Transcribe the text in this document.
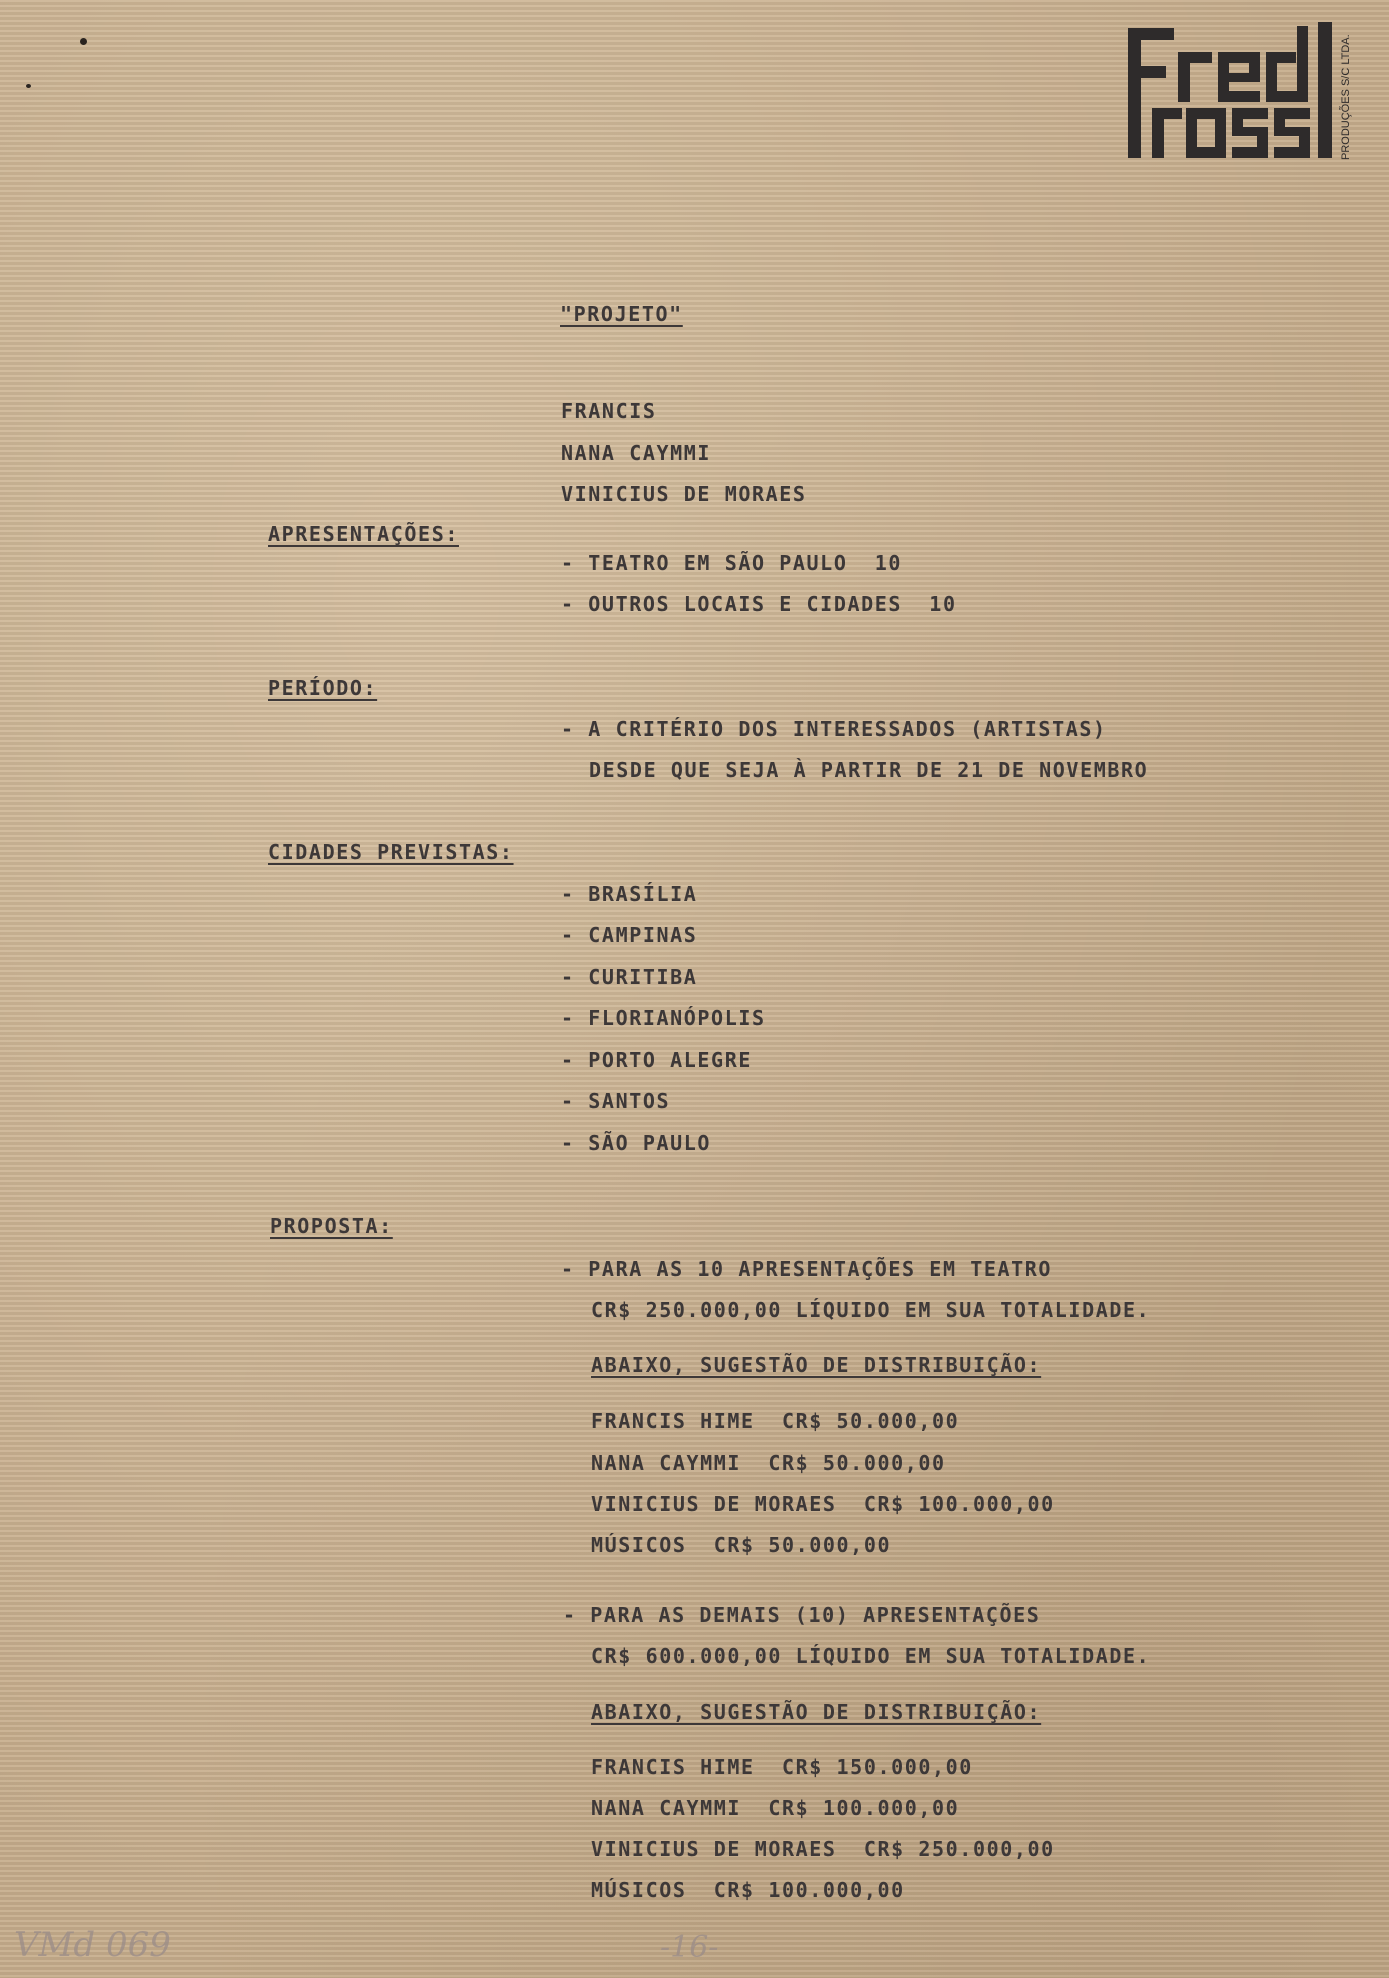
PRODUÇÕES S/C LTDA.
"PROJETO"
FRANCIS
NANA CAYMMI
VINICIUS DE MORAES
APRESENTAÇÕES:
- TEATRO EM SÃO PAULO  10
- OUTROS LOCAIS E CIDADES  10
PERÍODO:
- A CRITÉRIO DOS INTERESSADOS (ARTISTAS)
DESDE QUE SEJA À PARTIR DE 21 DE NOVEMBRO
CIDADES PREVISTAS:
- BRASÍLIA
- CAMPINAS
- CURITIBA
- FLORIANÓPOLIS
- PORTO ALEGRE
- SANTOS
- SÃO PAULO
PROPOSTA:
- PARA AS 10 APRESENTAÇÕES EM TEATRO
CR$ 250.000,00 LÍQUIDO EM SUA TOTALIDADE.
ABAIXO, SUGESTÃO DE DISTRIBUIÇÃO:
FRANCIS HIME  CR$ 50.000,00
NANA CAYMMI  CR$ 50.000,00
VINICIUS DE MORAES  CR$ 100.000,00
MÚSICOS  CR$ 50.000,00
- PARA AS DEMAIS (10) APRESENTAÇÕES
CR$ 600.000,00 LÍQUIDO EM SUA TOTALIDADE.
ABAIXO, SUGESTÃO DE DISTRIBUIÇÃO:
FRANCIS HIME  CR$ 150.000,00
NANA CAYMMI  CR$ 100.000,00
VINICIUS DE MORAES  CR$ 250.000,00
MÚSICOS  CR$ 100.000,00
VMd 069	-16-
